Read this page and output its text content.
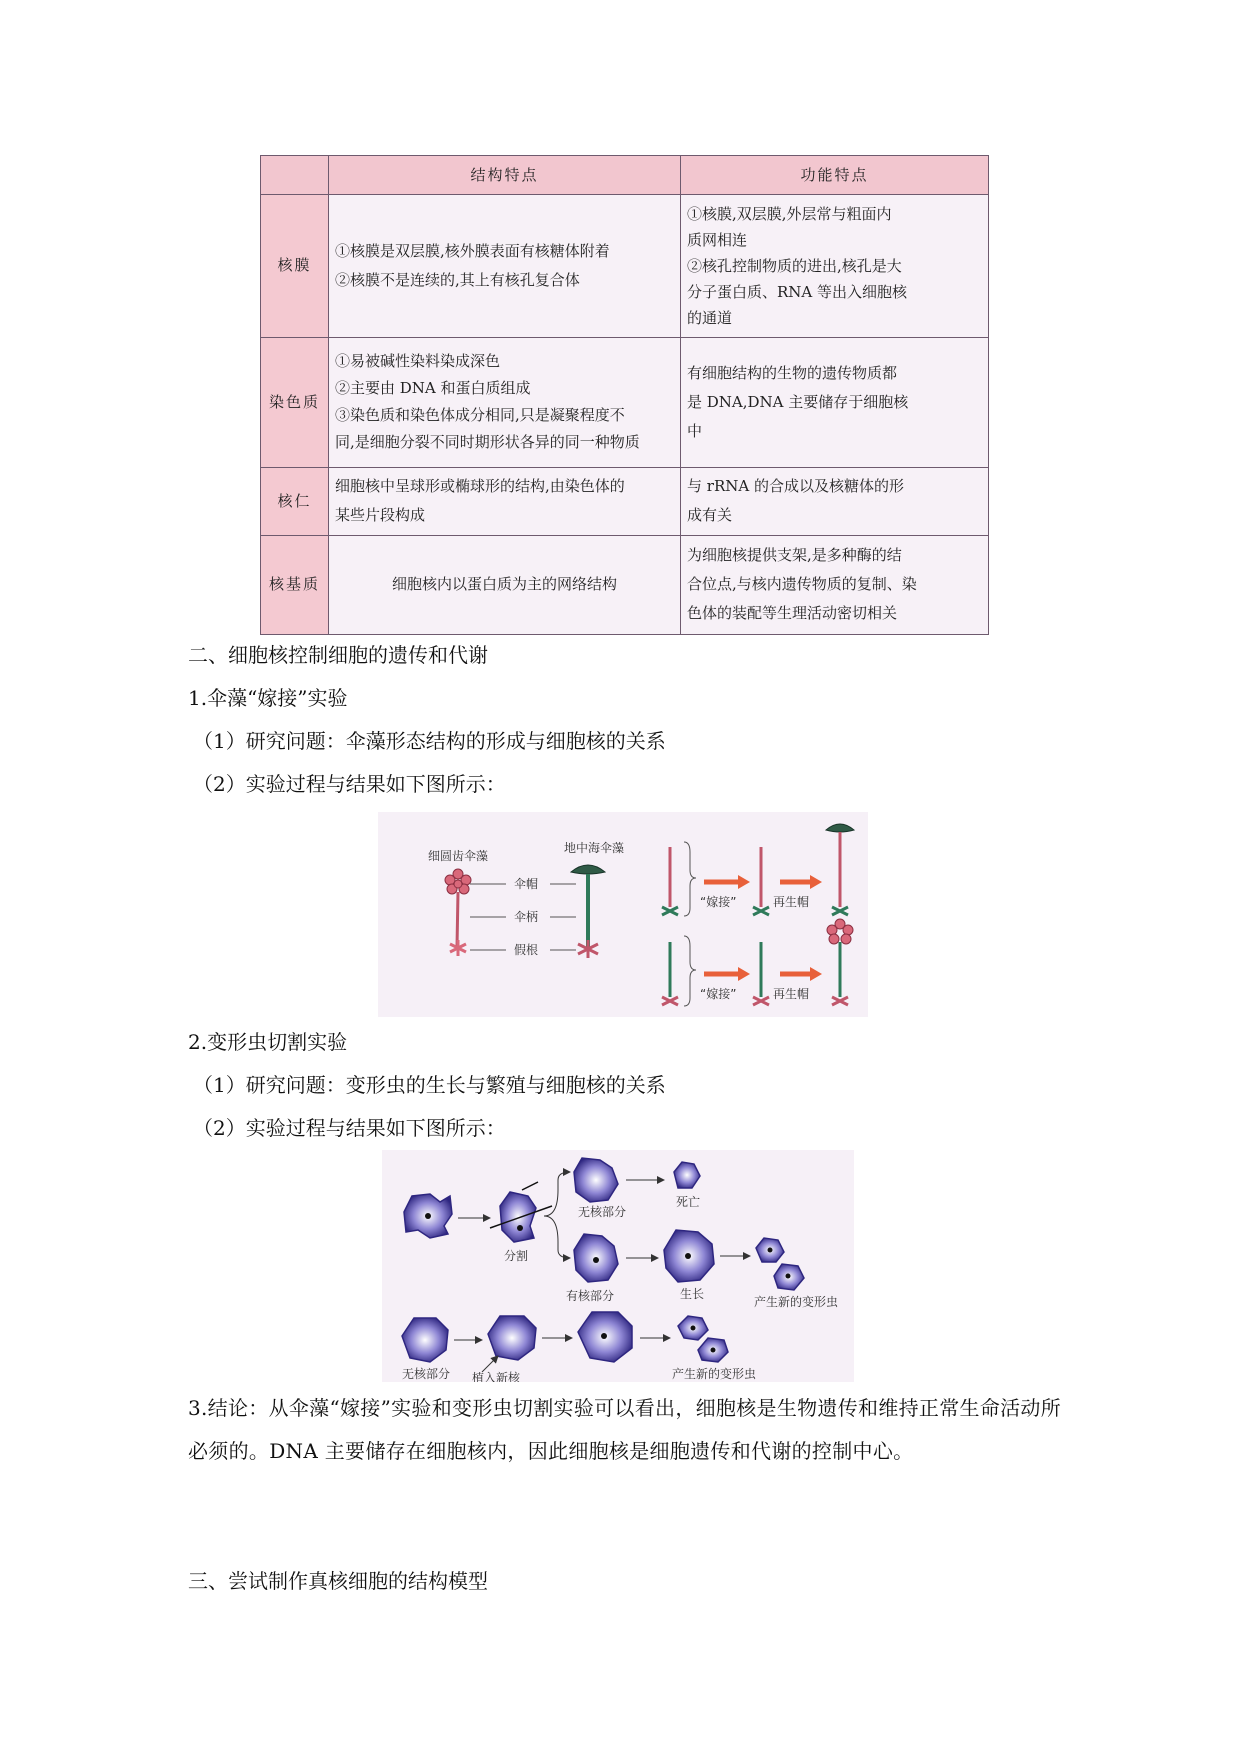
	结构特点	功能特点
核膜	①核膜是双层膜,核外膜表面有核糖体附着
②核膜不是连续的,其上有核孔复合体	①核膜,双层膜,外层常与粗面内
质网相连
②核孔控制物质的进出,核孔是大
分子蛋白质、RNA 等出入细胞核
的通道

染色质	①易被碱性染料染成深色
②主要由 DNA 和蛋白质组成
③染色质和染色体成分相同,只是凝聚程度不
同,是细胞分裂不同时期形状各异的同一种物质	有细胞结构的生物的遗传物质都
是 DNA,DNA 主要储存于细胞核
中

核仁	细胞核中呈球形或椭球形的结构,由染色体的
某些片段构成	与 rRNA 的合成以及核糖体的形
成有关

核基质	细胞核内以蛋白质为主的网络结构	为细胞核提供支架,是多种酶的结
合位点,与核内遗传物质的复制、染
色体的装配等生理活动密切相关
二、细胞核控制细胞的遗传和代谢
1.伞藻“嫁接”实验
（1）研究问题：伞藻形态结构的形成与细胞核的关系
（2）实验过程与结果如下图所示：
细圆齿伞藻
伞帽
伞柄
假根
地中海伞藻
“嫁接”	再生帽
“嫁接”	再生帽
2.变形虫切割实验
（1）研究问题：变形虫的生长与繁殖与细胞核的关系
（2）实验过程与结果如下图所示：
分割
无核部分
死亡
有核部分	生长
产生新的变形虫
无核部分 植入新核	产生新的变形虫
3.结论：从伞藻“嫁接”实验和变形虫切割实验可以看出，细胞核是生物遗传和维持正常生命活动所必须的。DNA 主要储存在细胞核内，因此细胞核是细胞遗传和代谢的控制中心。
三、尝试制作真核细胞的结构模型
